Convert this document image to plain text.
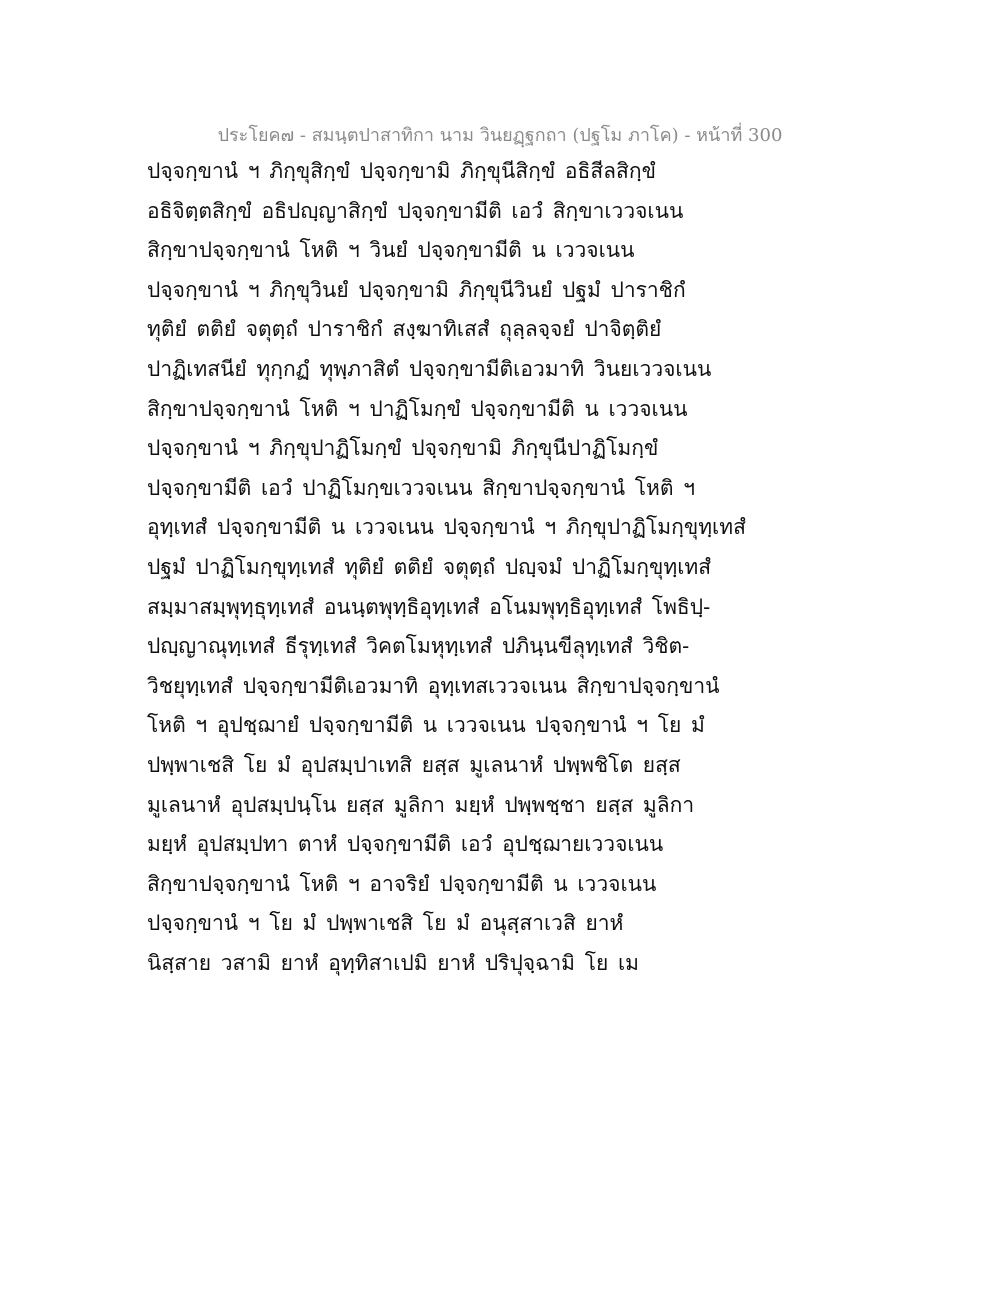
ประโยค๗ - สมนฺตปาสาทิกา นาม วินยฏฺฐกถา (ปฐโม ภาโค) - หน้าที่ 300
ปจฺจกฺขานํ ฯ ภิกฺขุสิกฺขํ ปจฺจกฺขามิ ภิกฺขุนีสิกฺขํ อธิสีลสิกฺขํ
อธิจิตฺตสิกฺขํ อธิปญฺญาสิกฺขํ ปจฺจกฺขามีติ เอวํ สิกฺขาเววจเนน
สิกฺขาปจฺจกฺขานํ โหติ ฯ วินยํ ปจฺจกฺขามีติ น เววจเนน
ปจฺจกฺขานํ ฯ ภิกฺขุวินยํ ปจฺจกฺขามิ ภิกฺขุนีวินยํ ปฐมํ ปาราชิกํ
ทุติยํ ตติยํ จตุตฺถํ ปาราชิกํ สงฺฆาทิเสสํ ถุลฺลจฺจยํ ปาจิตฺติยํ
ปาฏิเทสนียํ ทุกฺกฏํ ทุพฺภาสิตํ ปจฺจกฺขามีติเอวมาทิ วินยเววจเนน
สิกฺขาปจฺจกฺขานํ โหติ ฯ ปาฏิโมกฺขํ ปจฺจกฺขามีติ น เววจเนน
ปจฺจกฺขานํ ฯ ภิกฺขุปาฏิโมกฺขํ ปจฺจกฺขามิ ภิกฺขุนีปาฏิโมกฺขํ
ปจฺจกฺขามีติ เอวํ ปาฏิโมกฺขเววจเนน สิกฺขาปจฺจกฺขานํ โหติ ฯ
อุทฺเทสํ ปจฺจกฺขามีติ น เววจเนน ปจฺจกฺขานํ ฯ ภิกฺขุปาฏิโมกฺขุทฺเทสํ
ปฐมํ ปาฏิโมกฺขุทฺเทสํ ทุติยํ ตติยํ จตุตฺถํ ปญฺจมํ ปาฏิโมกฺขุทฺเทสํ
สมฺมาสมฺพุทฺธุทฺเทสํ อนนฺตพุทฺธิอุทฺเทสํ อโนมพุทฺธิอุทฺเทสํ โพธิปฺ-
ปญฺญาณุทฺเทสํ ธีรุทฺเทสํ วิคตโมหุทฺเทสํ ปภินฺนขีลุทฺเทสํ วิชิต-
วิชยุทฺเทสํ ปจฺจกฺขามีติเอวมาทิ อุทฺเทสเววจเนน สิกฺขาปจฺจกฺขานํ
โหติ ฯ อุปชฺฌายํ ปจฺจกฺขามีติ น เววจเนน ปจฺจกฺขานํ ฯ โย มํ
ปพฺพาเชสิ โย มํ อุปสมฺปาเทสิ ยสฺส มูเลนาหํ ปพฺพชิโต ยสฺส
มูเลนาหํ อุปสมฺปนฺโน ยสฺส มูลิกา มยฺหํ ปพฺพชฺชา ยสฺส มูลิกา
มยฺหํ อุปสมฺปทา ตาหํ ปจฺจกฺขามีติ เอวํ อุปชฺฌายเววจเนน
สิกฺขาปจฺจกฺขานํ โหติ ฯ อาจริยํ ปจฺจกฺขามีติ น เววจเนน
ปจฺจกฺขานํ ฯ โย มํ ปพฺพาเชสิ โย มํ อนุสฺสาเวสิ ยาหํ
นิสฺสาย วสามิ ยาหํ อุทฺทิสาเปมิ ยาหํ ปริปุจฺฉามิ โย เม
